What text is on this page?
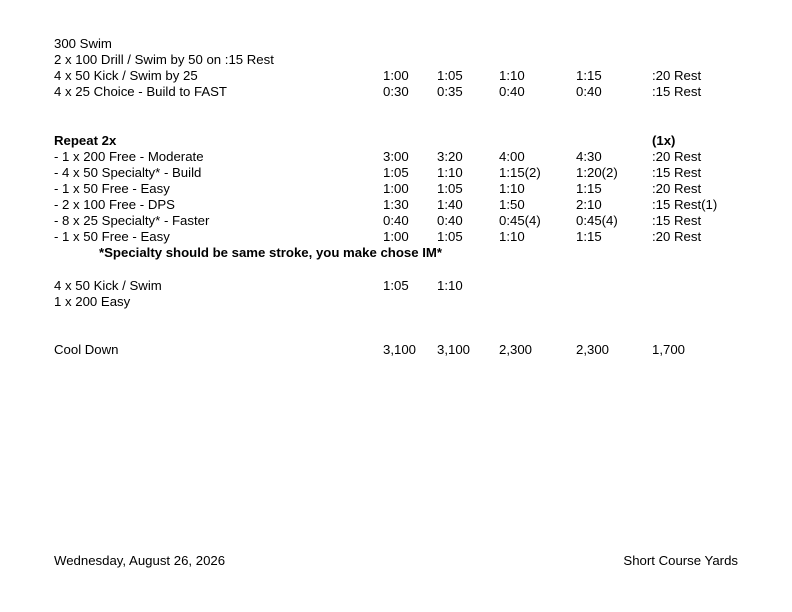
300 Swim
2 x 100 Drill / Swim by 50 on :15 Rest
4 x 50 Kick / Swim by 25	1:00 1:05	1:10	1:15	:20 Rest
4 x 25 Choice - Build to FAST	0:30 0:35	0:40	0:40	:15 Rest
Repeat 2x	(1x)
- 1 x 200 Free - Moderate	3:00 3:20	4:00	4:30	:20 Rest
- 4 x 50 Specialty* - Build	1:05 1:10	1:15(2)	1:20(2)	:15 Rest
- 1 x 50 Free - Easy	1:00 1:05	1:10	1:15	:20 Rest
- 2 x 100 Free - DPS	1:30 1:40	1:50	2:10	:15 Rest(1)
- 8 x 25 Specialty* - Faster	0:40 0:40	0:45(4)	0:45(4)	:15 Rest
- 1 x 50 Free - Easy	1:00 1:05	1:10	1:15	:20 Rest
*Specialty should be same stroke, you make chose IM*
4 x 50 Kick / Swim	1:05 1:10
1 x 200 Easy
Cool Down	3,100 3,100 2,300	2,300	1,700
Wednesday, August 26, 2026	Short Course Yards
